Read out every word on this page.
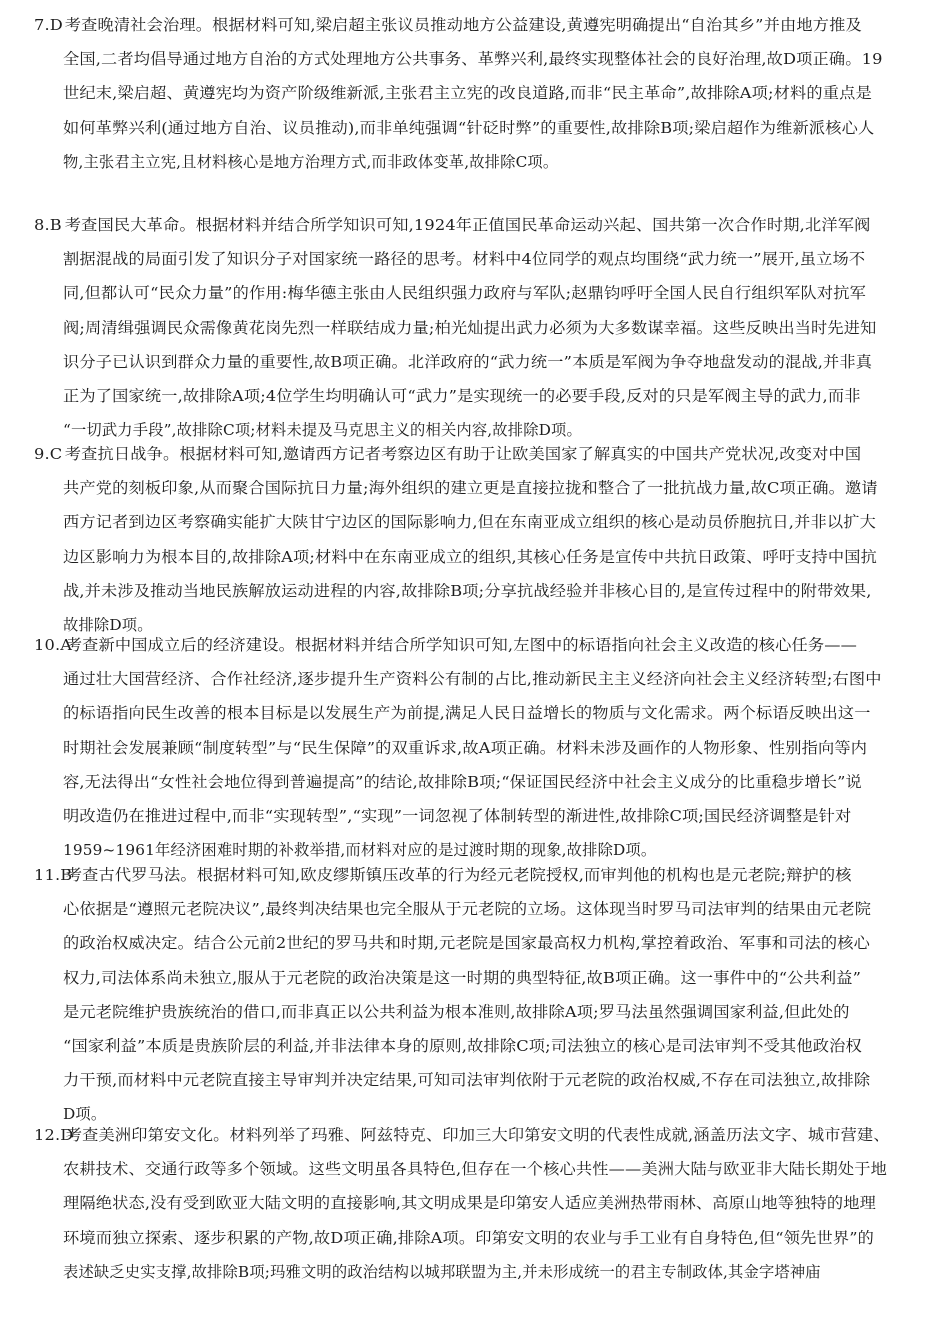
7.D 考查晚清社会治理。根据材料可知,梁启超主张议员推动地方公益建设,黄遵宪明确提出“自治其乡”并由地方推及
全国,二者均倡导通过地方自治的方式处理地方公共事务、革弊兴利,最终实现整体社会的良好治理,故D项正确。19
世纪末,梁启超、黄遵宪均为资产阶级维新派,主张君主立宪的改良道路,而非“民主革命”,故排除A项;材料的重点是
如何革弊兴利(通过地方自治、议员推动),而非单纯强调“针砭时弊”的重要性,故排除B项;梁启超作为维新派核心人
物,主张君主立宪,且材料核心是地方治理方式,而非政体变革,故排除C项。
8.B 考查国民大革命。根据材料并结合所学知识可知,1924年正值国民革命运动兴起、国共第一次合作时期,北洋军阀
割据混战的局面引发了知识分子对国家统一路径的思考。材料中4位同学的观点均围绕“武力统一”展开,虽立场不
同,但都认可“民众力量”的作用:梅华德主张由人民组织强力政府与军队;赵鼎钧呼吁全国人民自行组织军队对抗军
阀;周清缉强调民众需像黄花岗先烈一样联结成力量;柏光灿提出武力必须为大多数谋幸福。这些反映出当时先进知
识分子已认识到群众力量的重要性,故B项正确。北洋政府的“武力统一”本质是军阀为争夺地盘发动的混战,并非真
正为了国家统一,故排除A项;4位学生均明确认可“武力”是实现统一的必要手段,反对的只是军阀主导的武力,而非
“一切武力手段”,故排除C项;材料未提及马克思主义的相关内容,故排除D项。
9.C 考查抗日战争。根据材料可知,邀请西方记者考察边区有助于让欧美国家了解真实的中国共产党状况,改变对中国
共产党的刻板印象,从而聚合国际抗日力量;海外组织的建立更是直接拉拢和整合了一批抗战力量,故C项正确。邀请
西方记者到边区考察确实能扩大陕甘宁边区的国际影响力,但在东南亚成立组织的核心是动员侨胞抗日,并非以扩大
边区影响力为根本目的,故排除A项;材料中在东南亚成立的组织,其核心任务是宣传中共抗日政策、呼吁支持中国抗
战,并未涉及推动当地民族解放运动进程的内容,故排除B项;分享抗战经验并非核心目的,是宣传过程中的附带效果,
故排除D项。
10.A考查新中国成立后的经济建设。根据材料并结合所学知识可知,左图中的标语指向社会主义改造的核心任务——
通过壮大国营经济、合作社经济,逐步提升生产资料公有制的占比,推动新民主主义经济向社会主义经济转型;右图中
的标语指向民生改善的根本目标是以发展生产为前提,满足人民日益增长的物质与文化需求。两个标语反映出这一
时期社会发展兼顾“制度转型”与“民生保障”的双重诉求,故A项正确。材料未涉及画作的人物形象、性别指向等内
容,无法得出“女性社会地位得到普遍提高”的结论,故排除B项;“保证国民经济中社会主义成分的比重稳步增长”说
明改造仍在推进过程中,而非“实现转型”,“实现”一词忽视了体制转型的渐进性,故排除C项;国民经济调整是针对
1959~1961年经济困难时期的补救举措,而材料对应的是过渡时期的现象,故排除D项。
11.B考查古代罗马法。根据材料可知,欧皮缪斯镇压改革的行为经元老院授权,而审判他的机构也是元老院;辩护的核
心依据是“遵照元老院决议”,最终判决结果也完全服从于元老院的立场。这体现当时罗马司法审判的结果由元老院
的政治权威决定。结合公元前2世纪的罗马共和时期,元老院是国家最高权力机构,掌控着政治、军事和司法的核心
权力,司法体系尚未独立,服从于元老院的政治决策是这一时期的典型特征,故B项正确。这一事件中的“公共利益”
是元老院维护贵族统治的借口,而非真正以公共利益为根本准则,故排除A项;罗马法虽然强调国家利益,但此处的
“国家利益”本质是贵族阶层的利益,并非法律本身的原则,故排除C项;司法独立的核心是司法审判不受其他政治权
力干预,而材料中元老院直接主导审判并决定结果,可知司法审判依附于元老院的政治权威,不存在司法独立,故排除
D项。
12.D考查美洲印第安文化。材料列举了玛雅、阿兹特克、印加三大印第安文明的代表性成就,涵盖历法文字、城市营建、
农耕技术、交通行政等多个领域。这些文明虽各具特色,但存在一个核心共性——美洲大陆与欧亚非大陆长期处于地
理隔绝状态,没有受到欧亚大陆文明的直接影响,其文明成果是印第安人适应美洲热带雨林、高原山地等独特的地理
环境而独立探索、逐步积累的产物,故D项正确,排除A项。印第安文明的农业与手工业有自身特色,但“领先世界”的
表述缺乏史实支撑,故排除B项;玛雅文明的政治结构以城邦联盟为主,并未形成统一的君主专制政体,其金字塔神庙
